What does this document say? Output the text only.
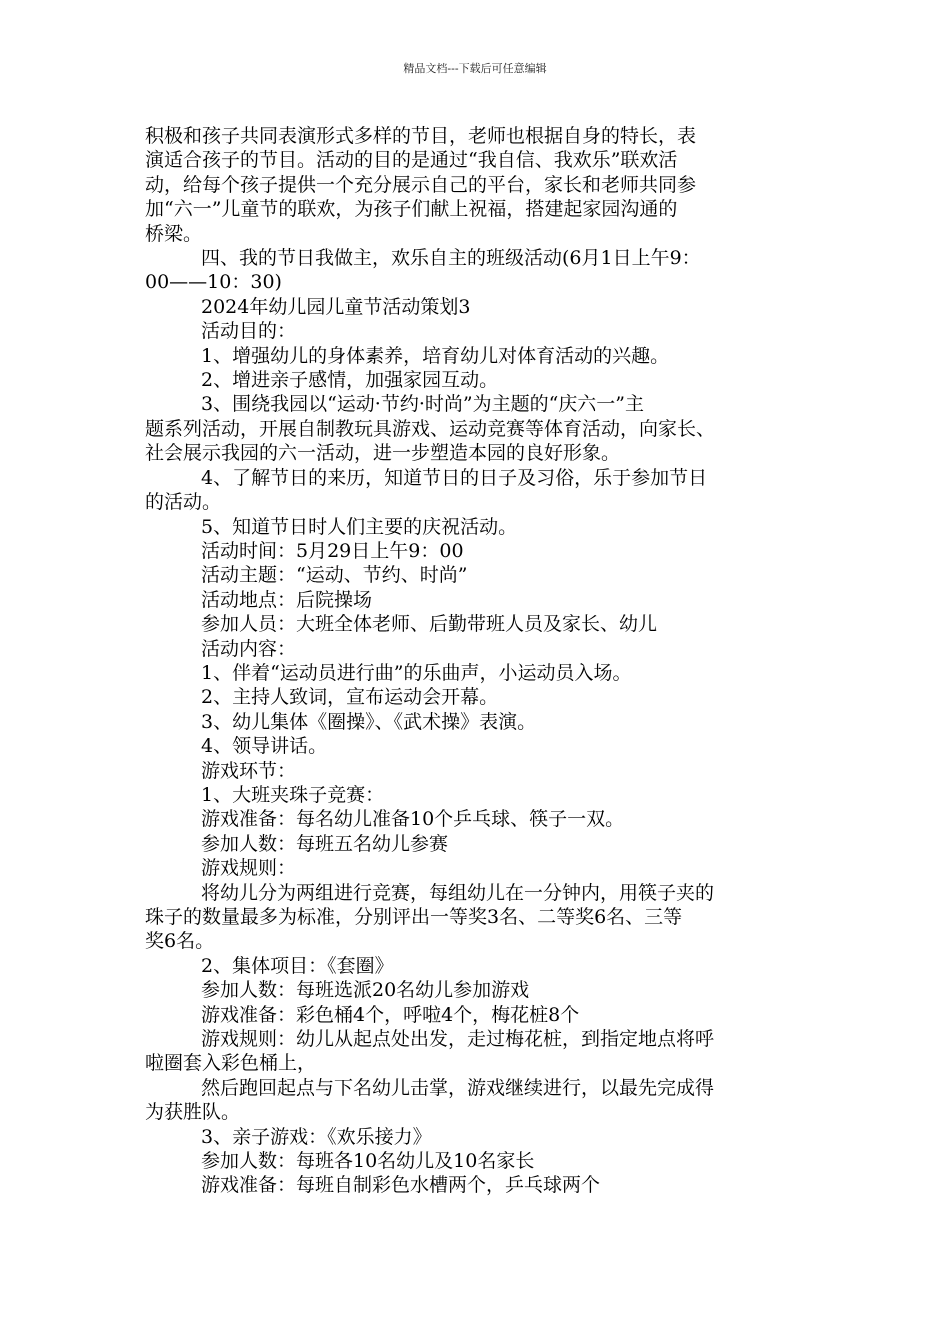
精品文档---下载后可任意编辑

积极和孩子共同表演形式多样的节目，老师也根据自身的特长，表
演适合孩子的节目。活动的目的是通过“我自信、我欢乐”联欢活
动，给每个孩子提供一个充分展示自己的平台，家长和老师共同参
加“六一”儿童节的联欢，为孩子们献上祝福，搭建起家园沟通的
桥梁。

四、我的节日我做主，欢乐自主的班级活动(6月1日上午9：
00——10：30)

2024年幼儿园儿童节活动策划3

活动目的：

1、增强幼儿的身体素养，培育幼儿对体育活动的兴趣。

2、增进亲子感情，加强家园互动。

3、围绕我园以“运动·节约·时尚”为主题的“庆六一”主
题系列活动，开展自制教玩具游戏、运动竞赛等体育活动，向家长、
社会展示我园的六一活动，进一步塑造本园的良好形象。

4、了解节日的来历，知道节日的日子及习俗，乐于参加节日
的活动。

5、知道节日时人们主要的庆祝活动。

活动时间：5月29日上午9：00

活动主题：“运动、节约、时尚”

活动地点：后院操场

参加人员：大班全体老师、后勤带班人员及家长、幼儿

活动内容：

1、伴着“运动员进行曲”的乐曲声，小运动员入场。

2、主持人致词，宣布运动会开幕。

3、幼儿集体《圈操》、《武术操》表演。

4、领导讲话。

游戏环节：

1、大班夹珠子竞赛：

游戏准备：每名幼儿准备10个乒乓球、筷子一双。

参加人数：每班五名幼儿参赛

游戏规则：

将幼儿分为两组进行竞赛，每组幼儿在一分钟内，用筷子夹的
珠子的数量最多为标准，分别评出一等奖3名、二等奖6名、三等
奖6名。

2、集体项目：《套圈》

参加人数：每班选派20名幼儿参加游戏

游戏准备：彩色桶4个，呼啦4个，梅花桩8个

游戏规则：幼儿从起点处出发，走过梅花桩，到指定地点将呼
啦圈套入彩色桶上，

然后跑回起点与下名幼儿击掌，游戏继续进行，以最先完成得
为获胜队。

3、亲子游戏：《欢乐接力》

参加人数：每班各10名幼儿及10名家长

游戏准备：每班自制彩色水槽两个，乒乓球两个
